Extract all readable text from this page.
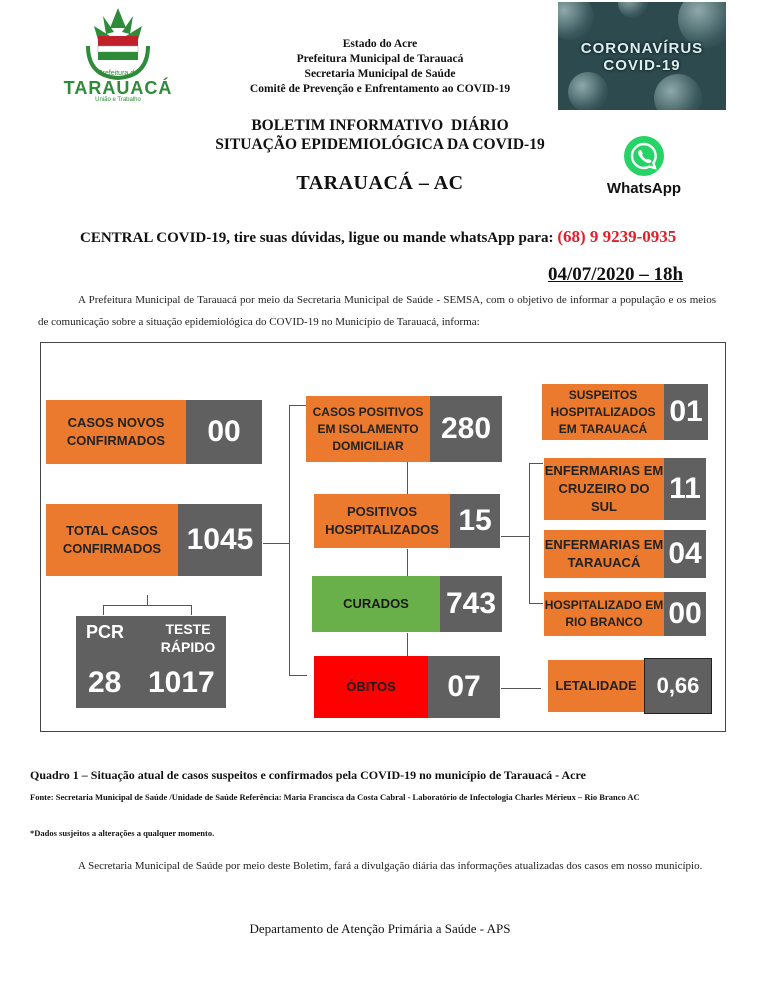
Prefeitura de
TARAUACÁ
União e Trabalho
Estado do Acre
Prefeitura Municipal de Tarauacá
Secretaria Municipal de Saúde
Comitê de Prevenção e Enfrentamento ao COVID-19
CORONAVÍRUS
COVID-19
BOLETIM INFORMATIVO  DIÁRIO
SITUAÇÃO EPIDEMIOLÓGICA DA COVID-19
TARAUACÁ – AC	WhatsApp
CENTRAL COVID-19, tire suas dúvidas, ligue ou mande whatsApp para: (68) 9 9239-0935
04/07/2020 – 18h
A Prefeitura Municipal de Tarauacá por meio da Secretaria Municipal de Saúde - SEMSA, com o objetivo de informar a população e os meios de comunicação sobre a situação epidemiológica do COVID-19 no Município de Tarauacá, informa:
CASOS NOVOS CONFIRMADOS	00
TOTAL CASOS CONFIRMADOS 1045
PCR	TESTE RÁPIDO
28 1017
CASOS POSITIVOS EM ISOLAMENTO DOMICILIAR
280
POSITIVOS HOSPITALIZADOS 15
CURADOS	743
ÓBITOS	07
SUSPEITOS HOSPITALIZADOS EM TARAUACÁ
01
ENFERMARIAS EM CRUZEIRO DO SUL
11
ENFERMARIAS EM TARAUACÁ 04
HOSPITALIZADO EM RIO BRANCO 00
LETALIDADE 0,66
Quadro 1 – Situação atual de casos suspeitos e confirmados pela COVID-19 no município de Tarauacá - Acre
Fonte: Secretaria Municipal de Saúde /Unidade de Saúde Referência: Maria Francisca da Costa Cabral - Laboratório de Infectologia Charles Mérieux – Rio Branco AC
*Dados susjeitos a alterações a qualquer momento.
A Secretaria Municipal de Saúde por meio deste Boletim, fará a divulgação diária das informações atualizadas dos casos em nosso município.
Departamento de Atenção Primária a Saúde - APS
